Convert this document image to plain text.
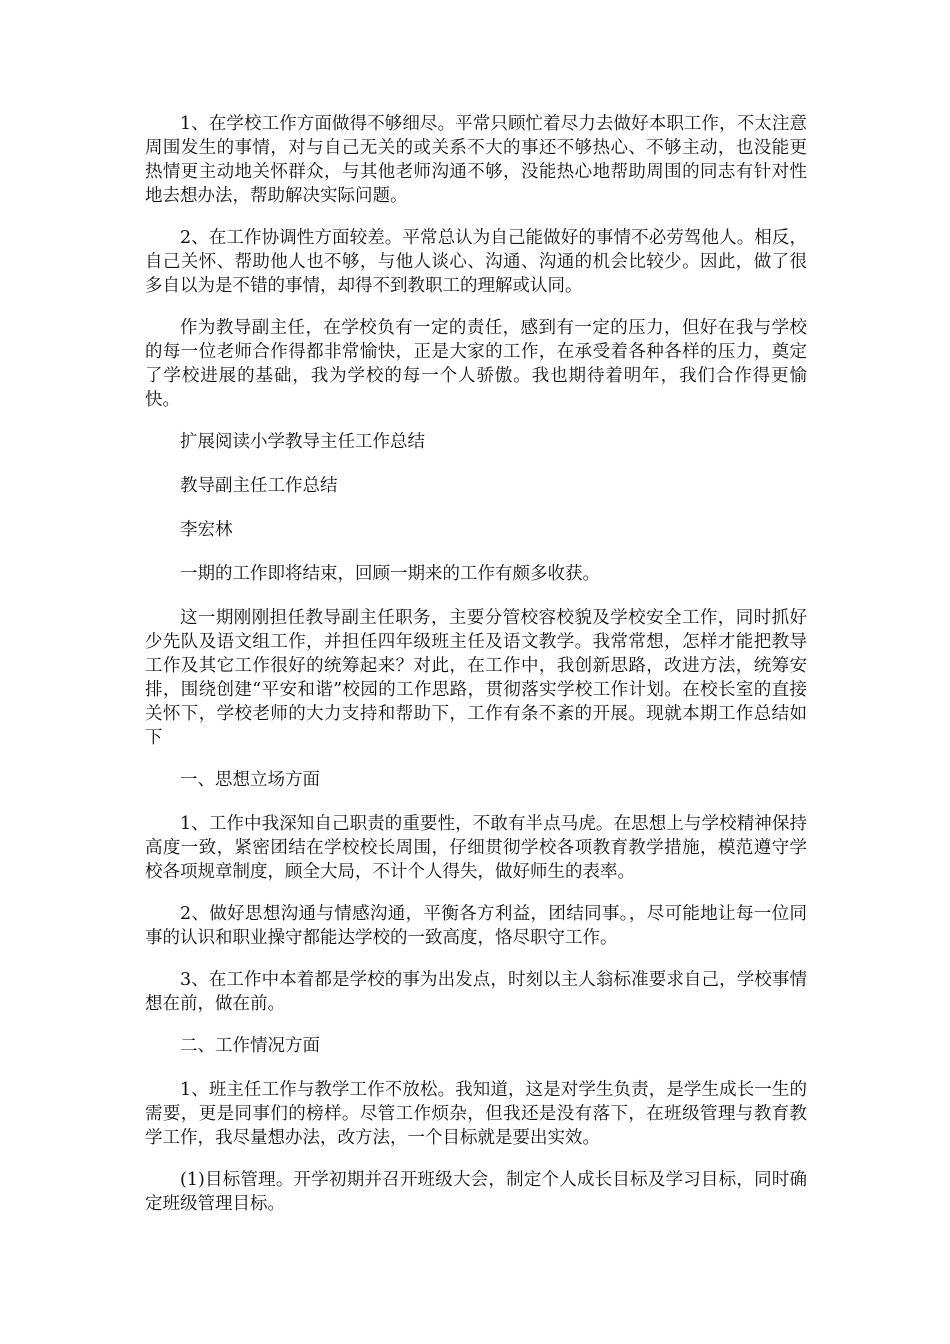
1、在学校工作方面做得不够细尽。平常只顾忙着尽力去做好本职工作，不太注意周围发生的事情，对与自己无关的或关系不大的事还不够热心、不够主动，也没能更热情更主动地关怀群众，与其他老师沟通不够，没能热心地帮助周围的同志有针对性地去想办法，帮助解决实际问题。

2、在工作协调性方面较差。平常总认为自己能做好的事情不必劳驾他人。相反，自己关怀、帮助他人也不够，与他人谈心、沟通、沟通的机会比较少。因此，做了很多自以为是不错的事情，却得不到教职工的理解或认同。

作为教导副主任，在学校负有一定的责任，感到有一定的压力，但好在我与学校的每一位老师合作得都非常愉快，正是大家的工作，在承受着各种各样的压力，奠定了学校进展的基础，我为学校的每一个人骄傲。我也期待着明年，我们合作得更愉快。

扩展阅读小学教导主任工作总结

教导副主任工作总结

李宏林

一期的工作即将结束，回顾一期来的工作有颇多收获。

这一期刚刚担任教导副主任职务，主要分管校容校貌及学校安全工作，同时抓好少先队及语文组工作，并担任四年级班主任及语文教学。我常常想，怎样才能把教导工作及其它工作很好的统筹起来？对此，在工作中，我创新思路，改进方法，统筹安排，围绕创建“平安和谐”校园的工作思路，贯彻落实学校工作计划。在校长室的直接关怀下，学校老师的大力支持和帮助下，工作有条不紊的开展。现就本期工作总结如下

一、思想立场方面

1、工作中我深知自己职责的重要性，不敢有半点马虎。在思想上与学校精神保持高度一致，紧密团结在学校校长周围，仔细贯彻学校各项教育教学措施，模范遵守学校各项规章制度，顾全大局，不计个人得失，做好师生的表率。

2、做好思想沟通与情感沟通，平衡各方利益，团结同事。，尽可能地让每一位同事的认识和职业操守都能达学校的一致高度，恪尽职守工作。

3、在工作中本着都是学校的事为出发点，时刻以主人翁标准要求自己，学校事情想在前，做在前。

二、工作情况方面

1、班主任工作与教学工作不放松。我知道，这是对学生负责，是学生成长一生的需要，更是同事们的榜样。尽管工作烦杂，但我还是没有落下，在班级管理与教育教学工作，我尽量想办法，改方法，一个目标就是要出实效。

(1)目标管理。开学初期并召开班级大会，制定个人成长目标及学习目标，同时确定班级管理目标。
